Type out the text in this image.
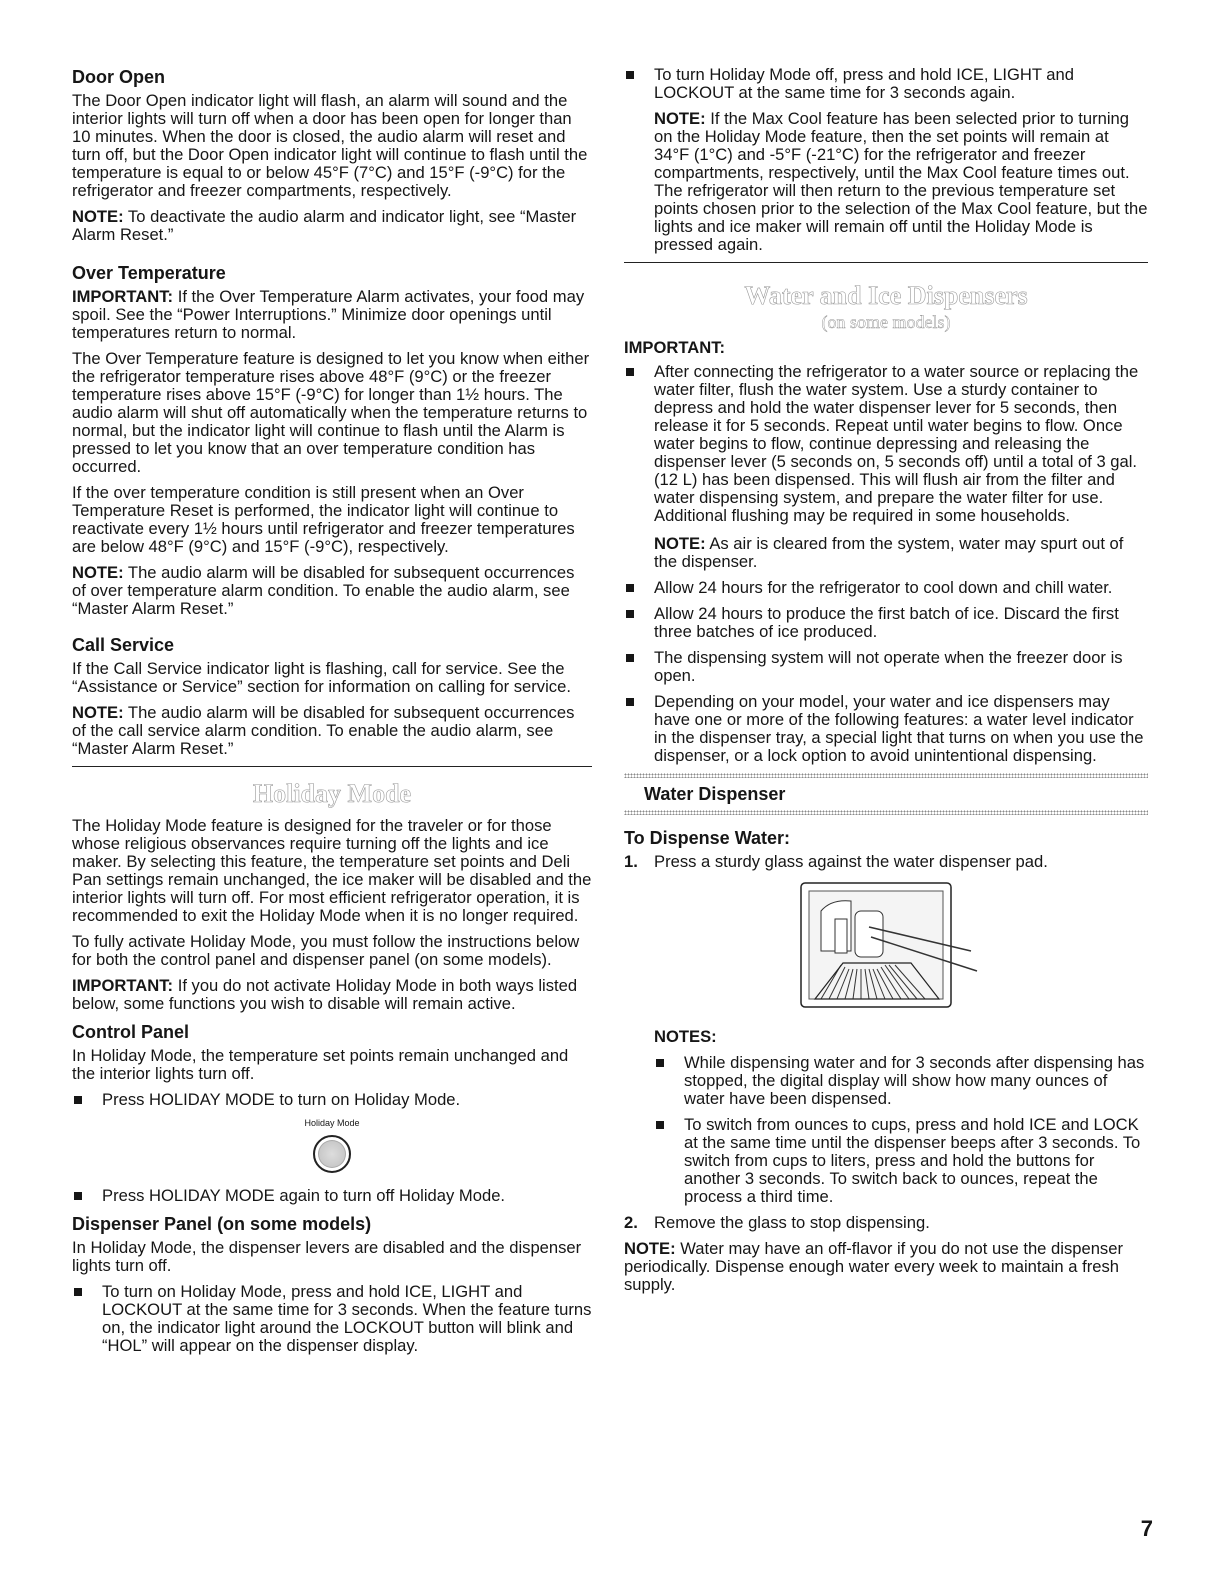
Door Open

The Door Open indicator light will flash, an alarm will sound and the interior lights will turn off when a door has been open for longer than 10 minutes. When the door is closed, the audio alarm will reset and turn off, but the Door Open indicator light will continue to flash until the temperature is equal to or below 45°F (7°C) and 15°F (-9°C) for the refrigerator and freezer compartments, respectively.

NOTE: To deactivate the audio alarm and indicator light, see “Master Alarm Reset.”

Over Temperature

IMPORTANT: If the Over Temperature Alarm activates, your food may spoil. See the “Power Interruptions.” Minimize door openings until temperatures return to normal.

The Over Temperature feature is designed to let you know when either the refrigerator temperature rises above 48°F (9°C) or the freezer temperature rises above 15°F (-9°C) for longer than 1½ hours. The audio alarm will shut off automatically when the temperature returns to normal, but the indicator light will continue to flash until the Alarm is pressed to let you know that an over temperature condition has occurred.

If the over temperature condition is still present when an Over Temperature Reset is performed, the indicator light will continue to reactivate every 1½ hours until refrigerator and freezer temperatures are below 48°F (9°C) and 15°F (-9°C), respectively.

NOTE: The audio alarm will be disabled for subsequent occurrences of over temperature alarm condition. To enable the audio alarm, see “Master Alarm Reset.”

Call Service

If the Call Service indicator light is flashing, call for service. See the “Assistance or Service” section for information on calling for service.

NOTE: The audio alarm will be disabled for subsequent occurrences of the call service alarm condition. To enable the audio alarm, see “Master Alarm Reset.”

Holiday Mode

The Holiday Mode feature is designed for the traveler or for those whose religious observances require turning off the lights and ice maker. By selecting this feature, the temperature set points and Deli Pan settings remain unchanged, the ice maker will be disabled and the interior lights will turn off. For most efficient refrigerator operation, it is recommended to exit the Holiday Mode when it is no longer required.

To fully activate Holiday Mode, you must follow the instructions below for both the control panel and dispenser panel (on some models).

IMPORTANT: If you do not activate Holiday Mode in both ways listed below, some functions you wish to disable will remain active.

Control Panel

In Holiday Mode, the temperature set points remain unchanged and the interior lights turn off.

Press HOLIDAY MODE to turn on Holiday Mode.
Holiday Mode
Press HOLIDAY MODE again to turn off Holiday Mode.
Dispenser Panel (on some models)

In Holiday Mode, the dispenser levers are disabled and the dispenser lights turn off.

To turn on Holiday Mode, press and hold ICE, LIGHT and LOCKOUT at the same time for 3 seconds. When the feature turns on, the indicator light around the LOCKOUT button will blink and “HOL” will appear on the dispenser display.
To turn Holiday Mode off, press and hold ICE, LIGHT and LOCKOUT at the same time for 3 seconds again.

NOTE: If the Max Cool feature has been selected prior to turning on the Holiday Mode feature, then the set points will remain at 34°F (1°C) and -5°F (-21°C) for the refrigerator and freezer compartments, respectively, until the Max Cool feature times out. The refrigerator will then return to the previous temperature set points chosen prior to the selection of the Max Cool feature, but the lights and ice maker will remain off until the Holiday Mode is pressed again.

Water and Ice Dispensers
(on some models)

IMPORTANT:

After connecting the refrigerator to a water source or replacing the water filter, flush the water system. Use a sturdy container to depress and hold the water dispenser lever for 5 seconds, then release it for 5 seconds. Repeat until water begins to flow. Once water begins to flow, continue depressing and releasing the dispenser lever (5 seconds on, 5 seconds off) until a total of 3 gal. (12 L) has been dispensed. This will flush air from the filter and water dispensing system, and prepare the water filter for use. Additional flushing may be required in some households.

NOTE: As air is cleared from the system, water may spurt out of the dispenser.

Allow 24 hours for the refrigerator to cool down and chill water.
Allow 24 hours to produce the first batch of ice. Discard the first three batches of ice produced.
The dispensing system will not operate when the freezer door is open.
Depending on your model, your water and ice dispensers may have one or more of the following features: a water level indicator in the dispenser tray, a special light that turns on when you use the dispenser, or a lock option to avoid unintentional dispensing.
Water Dispenser
To Dispense Water:
1. Press a sturdy glass against the water dispenser pad.

NOTES:

While dispensing water and for 3 seconds after dispensing has stopped, the digital display will show how many ounces of water have been dispensed.
To switch from ounces to cups, press and hold ICE and LOCK at the same time until the dispenser beeps after 3 seconds. To switch from cups to liters, press and hold the buttons for another 3 seconds. To switch back to ounces, repeat the process a third time.
2. Remove the glass to stop dispensing.

NOTE: Water may have an off-flavor if you do not use the dispenser periodically. Dispense enough water every week to maintain a fresh supply.

7
